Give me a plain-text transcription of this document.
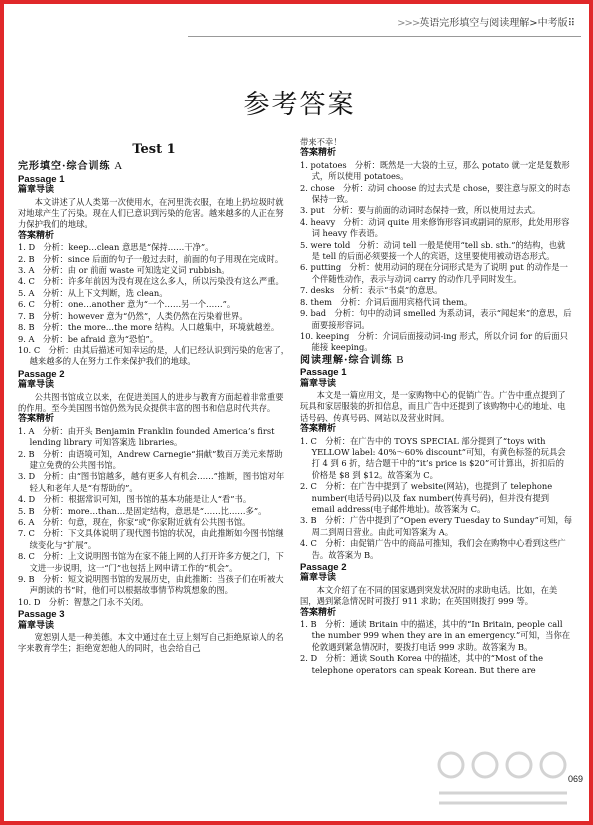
>>>英语完形填空与阅读理解>中考版⠿
参考答案

Test 1

完形填空·综合训练 A

Passage 1

篇章导读

本文讲述了从人类第一次使用水，在河里洗衣服，在地上扔垃圾时就对地球产生了污染。现在人们已意识到污染的危害。越来越多的人正在努力保护我们的地球。

答案精析

1. D　分析：keep…clean 意思是“保持……干净”。

2. B　分析：since 后面的句子一般过去时，前面的句子用现在完成时。

3. A　分析：由 or 前面 waste 可知选定义词 rubbish。

4. C　分析：许多年前因为没有现在这么多人，所以污染没有这么严重。

5. A　分析：从上下文判断，选 clean。

6. C　分析：one…another 意为“一个……另一个……”。

7. B　分析：however 意为“仍然”，人类仍然在污染着世界。

8. B　分析：the more…the more 结构。人口越集中，环境就越差。

9. A　分析：be afraid 意为“恐怕”。

10. C　分析：由其后描述可知幸运的是，人们已经认识到污染的危害了，越来越多的人在努力工作来保护我们的地球。

Passage 2

篇章导读

公共图书馆成立以来，在促进美国人的进步与教育方面起着非常重要的作用。至今美国图书馆仍然为民众提供丰富的图书和信息时代共存。

答案精析

1. A　分析：由开头 Benjamin Franklin founded America’s first lending library 可知答案选 libraries。

2. B　分析：由语境可知，Andrew Carnegie“捐献”数百万美元来帮助建立免费的公共图书馆。

3. D　分析：由“图书馆越多，越有更多人有机会……”推断，图书馆对年轻人和老年人是“有帮助的”。

4. D　分析：根据常识可知，图书馆的基本功能是让人“看”书。

5. B　分析：more…than…是固定结构，意思是“……比……多”。

6. A　分析：句意，现在，你家“或”你家附近就有公共图书馆。

7. C　分析：下文具体说明了现代图书馆的状况，由此推断如今图书馆继续变化与“扩展”。

8. C　分析：上文说明图书馆为在家不能上网的人打开许多方便之门，下文进一步说明，这一“门”也包括上网申请工作的“机会”。

9. B　分析：短文说明图书馆的发展历史，由此推断：当孩子们在听被大声朗读的书“时，他们可以根据故事情节构筑想象的图。

10. D　分析：智慧之门永不关闭。

Passage 3

篇章导读

宽恕别人是一种美德。本文中通过在土豆上刻写自己拒绝原谅人的名字来教育学生；拒绝宽恕他人的同时，也会给自己

带来不幸！

答案精析

1. potatoes　分析：既然是一大袋的土豆，那么 potato 就一定是复数形式，所以使用 potatoes。

2. chose　分析：动词 choose 的过去式是 chose，要注意与原文的时态保持一致。

3. put　分析：要与前面的动词时态保持一致，所以使用过去式。

4. heavy　分析：动词 quite 用来修饰形容词或副词的原形，此处用形容词 heavy 作表语。

5. were told　分析：动词 tell 一般是使用“tell sb. sth.”的结构，也就是 tell 的后面必须要接一个人的宾语，这里要使用被动语态形式。

6. putting　分析：使用动词的现在分词形式是为了说明 put 的动作是一个伴随性动作，表示与动词 carry 的动作几乎同时发生。

7. desks　分析：表示“书桌”的意思。

8. them　分析：介词后面用宾格代词 them。

9. bad　分析：句中的动词 smelled 为系动词，表示“闻起来”的意思，后面要接形容词。

10. keeping　分析：介词后面接动词-ing 形式，所以介词 for 的后面只能接 keeping。

阅读理解·综合训练 B

Passage 1

篇章导读

本文是一篇应用文，是一家购物中心的促销广告。广告中重点提到了玩具和家居服装的折扣信息，而且广告中还提到了该购物中心的地址、电话号码、传真号码、网站以及营业时间。

答案精析

1. C　分析：在广告中的 TOYS SPECIAL 部分提到了“toys with YELLOW label: 40%～60% discount”可知，有黄色标签的玩具会打 4 到 6 折，结合题干中的“it’s price is $20”可计算出，折扣后的价格是 $8 到 $12。故答案为 C。

2. C　分析：在广告中提到了 website(网站)，也提到了 telephone number(电话号码)以及 fax number(传真号码)，但并没有提到 email address(电子邮件地址)。故答案为 C。

3. B　分析：广告中提到了“Open every Tuesday to Sunday”可知，每周二到周日营业。由此可知答案为 A。

4. C　分析：由促销广告中的商品可推知，我们会在购物中心看到这些广告。故答案为 B。

Passage 2

篇章导读

本文介绍了在不同的国家遇到突发状况时的求助电话。比如，在美国，遇到紧急情况时可拨打 911 求助；在英国则拨打 999 等。

答案精析

1. B　分析：通读 Britain 中的描述，其中的“In Britain, people call the number 999 when they are in an emergency.”可知，当你在伦敦遇到紧急情况时，要拨打电话 999 求助。故答案为 B。

2. D　分析：通读 South Korea 中的描述，其中的“Most of the telephone operators can speak Korean. But there are

069
